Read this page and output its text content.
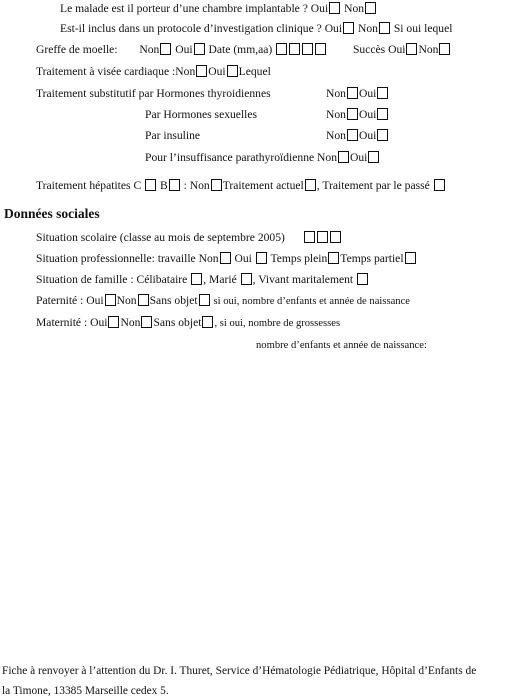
Le malade est il porteur d’une chambre implantable ? Oui Non
Est-il inclus dans un protocole d’investigation clinique ? Oui Non Si oui lequel
Greffe de moelle: Non Oui Date (mm,aa)	Succès Oui Non
Traitement à visée cardiaque :Non Oui Lequel
Traitement substitutif par Hormones thyroidiennes	Non Oui
Par Hormones sexuelles	Non Oui
Par insuline	Non Oui
Pour l’insuffisance parathyroïdienne Non Oui
Traitement hépatites C B : Non Traitement actuel , Traitement par le passé
Données sociales
Situation scolaire (classe au mois de septembre 2005)
Situation professionnelle: travaille Non Oui Temps plein Temps partiel
Situation de famille : Célibataire , Marié , Vivant maritalement
Paternité : Oui Non Sans objet si oui, nombre d’enfants et année de naissance
Maternité : Oui Non Sans objet , si oui, nombre de grossesses
nombre d’enfants et année de naissance:
Fiche à renvoyer à l’attention du Dr. I. Thuret, Service d’Hématologie Pédiatrique, Hôpital d’Enfants de
la Timone, 13385 Marseille cedex 5.
